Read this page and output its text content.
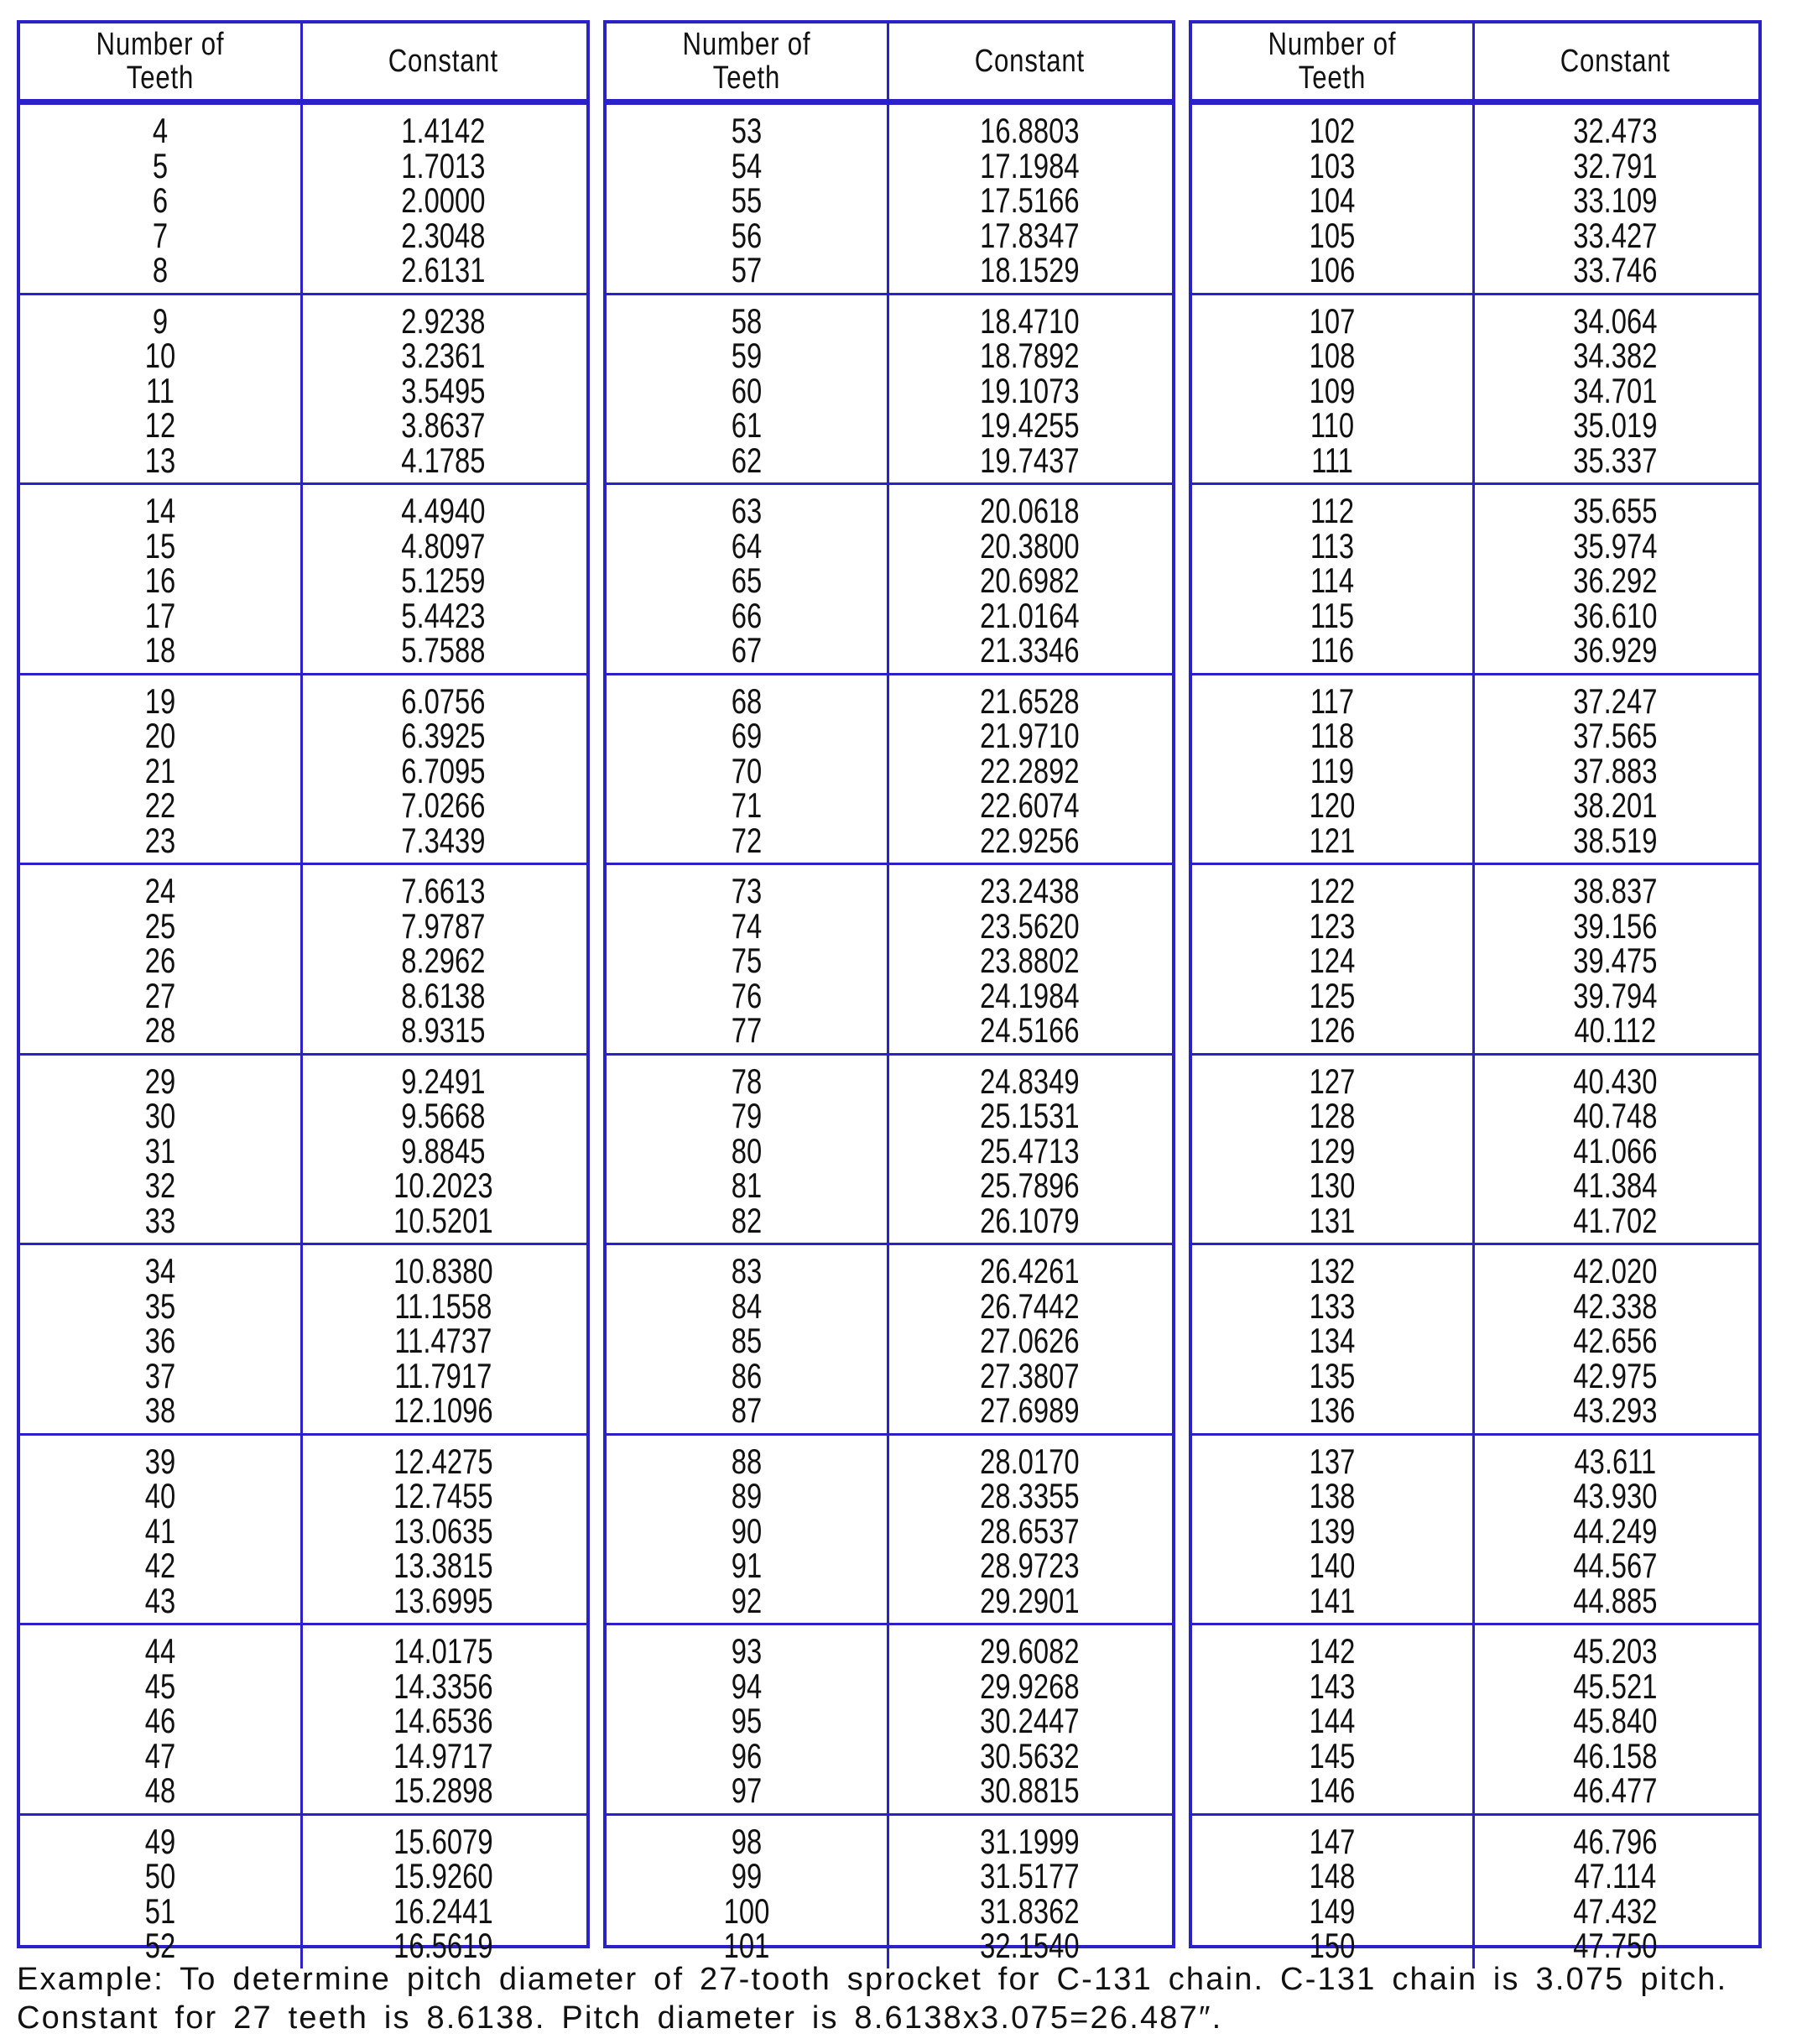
Number of
Teeth	Constant
4	1.4142
5	1.7013
6	2.0000
7	2.3048
8	2.6131
9	2.9238
10	3.2361
11	3.5495
12	3.8637
13	4.1785
14	4.4940
15	4.8097
16	5.1259
17	5.4423
18	5.7588
19	6.0756
20	6.3925
21	6.7095
22	7.0266
23	7.3439
24	7.6613
25	7.9787
26	8.2962
27	8.6138
28	8.9315
29	9.2491
30	9.5668
31	9.8845
32	10.2023
33	10.5201
34	10.8380
35	11.1558
36	11.4737
37	11.7917
38	12.1096
39	12.4275
40	12.7455
41	13.0635
42	13.3815
43	13.6995
44	14.0175
45	14.3356
46	14.6536
47	14.9717
48	15.2898
49	15.6079
50	15.9260
51	16.2441
52	16.5619
Number of
Teeth	Constant
53	16.8803
54	17.1984
55	17.5166
56	17.8347
57	18.1529
58	18.4710
59	18.7892
60	19.1073
61	19.4255
62	19.7437
63	20.0618
64	20.3800
65	20.6982
66	21.0164
67	21.3346
68	21.6528
69	21.9710
70	22.2892
71	22.6074
72	22.9256
73	23.2438
74	23.5620
75	23.8802
76	24.1984
77	24.5166
78	24.8349
79	25.1531
80	25.4713
81	25.7896
82	26.1079
83	26.4261
84	26.7442
85	27.0626
86	27.3807
87	27.6989
88	28.0170
89	28.3355
90	28.6537
91	28.9723
92	29.2901
93	29.6082
94	29.9268
95	30.2447
96	30.5632
97	30.8815
98	31.1999
99	31.5177
100	31.8362
101	32.1540
Number of
Teeth	Constant
102	32.473
103	32.791
104	33.109
105	33.427
106	33.746
107	34.064
108	34.382
109	34.701
110	35.019
111	35.337
112	35.655
113	35.974
114	36.292
115	36.610
116	36.929
117	37.247
118	37.565
119	37.883
120	38.201
121	38.519
122	38.837
123	39.156
124	39.475
125	39.794
126	40.112
127	40.430
128	40.748
129	41.066
130	41.384
131	41.702
132	42.020
133	42.338
134	42.656
135	42.975
136	43.293
137	43.611
138	43.930
139	44.249
140	44.567
141	44.885
142	45.203
143	45.521
144	45.840
145	46.158
146	46.477
147	46.796
148	47.114
149	47.432
150	47.750
Example: To determine pitch diameter of 27-tooth sprocket for C-131 chain. C-131 chain is 3.075 pitch.
Constant for 27 teeth is 8.6138. Pitch diameter is 8.6138x3.075=26.487″.
